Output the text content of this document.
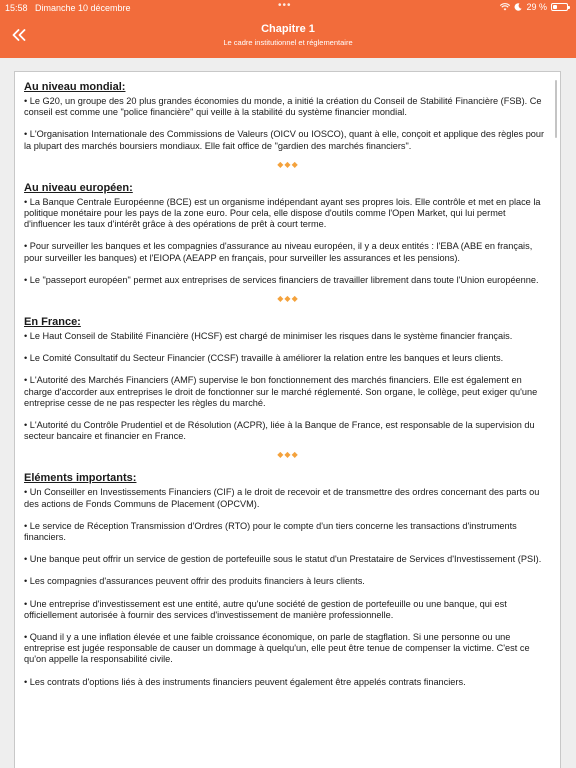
15:58 Dimanche 10 décembre	•••	29 %
Chapitre 1
Le cadre institutionnel et réglementaire
Au niveau mondial:

• Le G20, un groupe des 20 plus grandes économies du monde, a initié la création du Conseil de Stabilité Financière (FSB). Ce conseil est comme une "police financière" qui veille à la stabilité du système financier mondial.

• L'Organisation Internationale des Commissions de Valeurs (OICV ou IOSCO), quant à elle, conçoit et applique des règles pour la plupart des marchés boursiers mondiaux. Elle fait office de "gardien des marchés financiers".

◆◆◆
Au niveau européen:

• La Banque Centrale Européenne (BCE) est un organisme indépendant ayant ses propres lois. Elle contrôle et met en place la politique monétaire pour les pays de la zone euro. Pour cela, elle dispose d'outils comme l'Open Market, qui lui permet d'influencer les taux d'intérêt grâce à des opérations de prêt à court terme.

• Pour surveiller les banques et les compagnies d'assurance au niveau européen, il y a deux entités : l'EBA (ABE en français, pour surveiller les banques) et l'EIOPA (AEAPP en français, pour surveiller les assurances et les pensions).

• Le "passeport européen" permet aux entreprises de services financiers de travailler librement dans toute l'Union européenne.

◆◆◆
En France:

• Le Haut Conseil de Stabilité Financière (HCSF) est chargé de minimiser les risques dans le système financier français.

• Le Comité Consultatif du Secteur Financier (CCSF) travaille à améliorer la relation entre les banques et leurs clients.

• L'Autorité des Marchés Financiers (AMF) supervise le bon fonctionnement des marchés financiers. Elle est également en charge d'accorder aux entreprises le droit de fonctionner sur le marché réglementé. Son organe, le collège, peut exiger qu'une entreprise cesse de ne pas respecter les règles du marché.

• L'Autorité du Contrôle Prudentiel et de Résolution (ACPR), liée à la Banque de France, est responsable de la supervision du secteur bancaire et financier en France.

◆◆◆
Eléments importants:

• Un Conseiller en Investissements Financiers (CIF) a le droit de recevoir et de transmettre des ordres concernant des parts ou des actions de Fonds Communs de Placement (OPCVM).

• Le service de Réception Transmission d'Ordres (RTO) pour le compte d'un tiers concerne les transactions d'instruments financiers.

• Une banque peut offrir un service de gestion de portefeuille sous le statut d'un Prestataire de Services d'Investissement (PSI).

• Les compagnies d'assurances peuvent offrir des produits financiers à leurs clients.

• Une entreprise d'investissement est une entité, autre qu'une société de gestion de portefeuille ou une banque, qui est officiellement autorisée à fournir des services d'investissement de manière professionnelle.

• Quand il y a une inflation élevée et une faible croissance économique, on parle de stagflation. Si une personne ou une entreprise est jugée responsable de causer un dommage à quelqu'un, elle peut être tenue de compenser la victime. C'est ce qu'on appelle la responsabilité civile.

• Les contrats d'options liés à des instruments financiers peuvent également être appelés contrats financiers.
